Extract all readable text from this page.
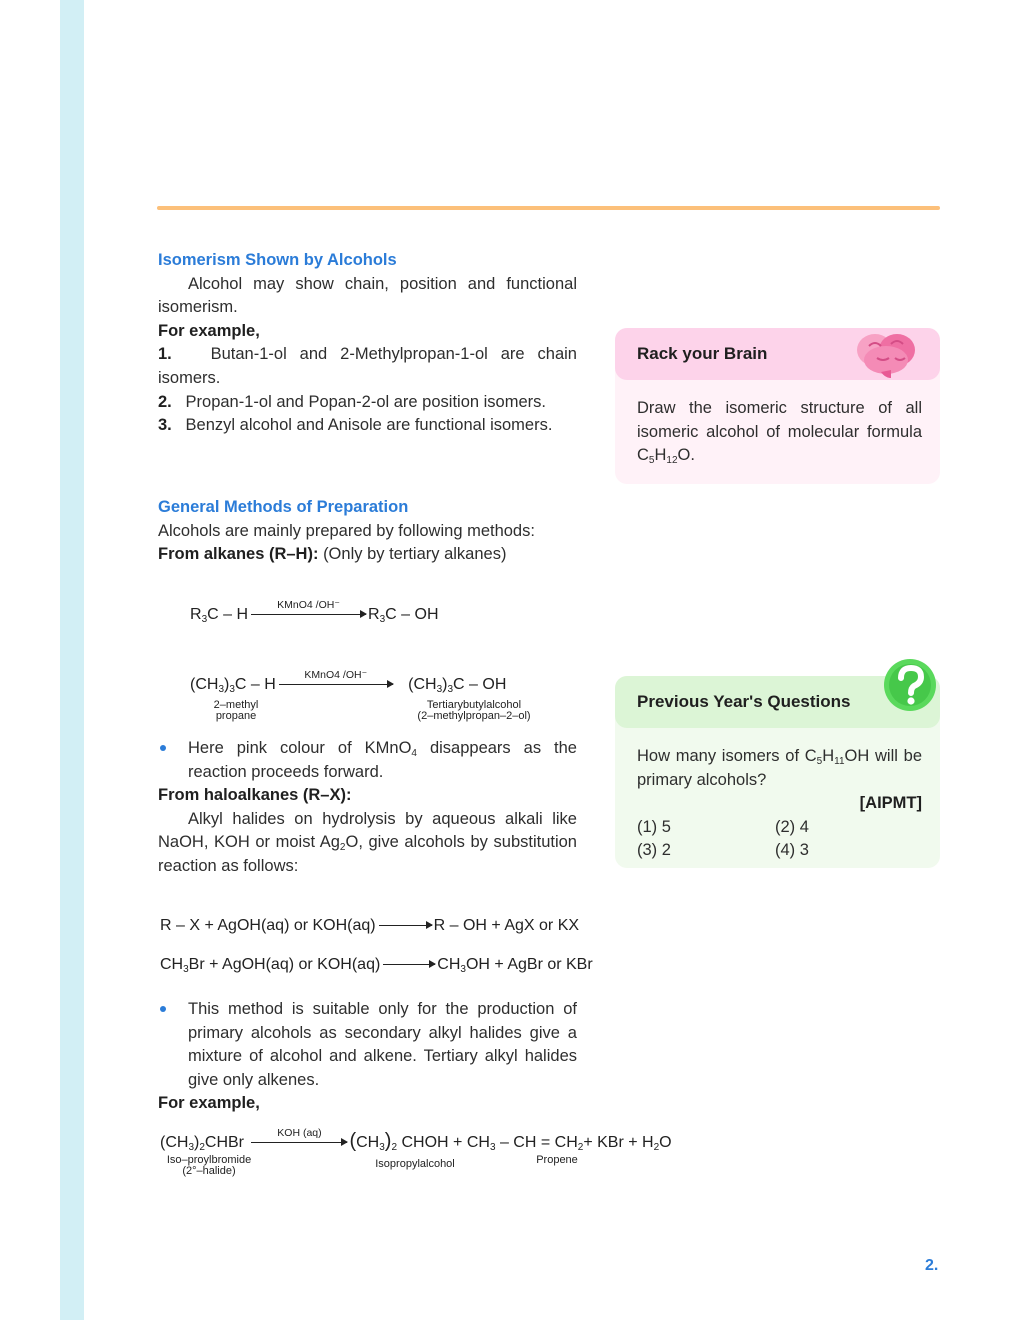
Isomerism Shown by Alcohols

Alcohol may show chain, position and functional isomerism.

For example,

1. Butan-1-ol and 2-Methylpropan-1-ol are chain isomers.

2. Propan-1-ol and Popan-2-ol are position isomers.

3. Benzyl alcohol and Anisole are functional isomers.

General Methods of Preparation

Alcohols are mainly prepared by following methods:

From alkanes (R–H): (Only by tertiary alkanes)

$R_3C$ – H
KMnO4 /OH⁻
$R_3C$ – OH
$(CH_3)_3C$ – H
KMnO4 /OH⁻
$(CH_3)_3C$ – OH
2–methyl
propane
Tertiarybutylalcohol
(2–methylpropan–2–ol)

Here pink colour of KMnO$_4$ disappears as the reaction proceeds forward.

From haloalkanes (R–X):

Alkyl halides on hydrolysis by aqueous alkali like NaOH, KOH or moist $Ag_2O$, give alcohols by substitution reaction as follows:

R – X + AgOH(aq) or KOH(aq)	R – OH + AgX or KX
$CH_3Br$ + AgOH(aq) or KOH(aq)	$CH_3OH$ + AgBr or KBr

This method is suitable only for the production of primary alcohols as secondary alkyl halides give a mixture of alcohol and alkene. Tertiary alkyl halides give only alkenes.

For example,

$(CH_3)_2CHBr$
KOH (aq)	$(CH_3)_2$ CHOH + $CH_3$ – CH = $CH_2+$ KBr + $H_2O$
Iso–proylbromide
(2°–halide)
Isopropylalcohol	Propene
Rack your Brain
Draw the isomeric structure of all isomeric alcohol of molecular formula $C_5H_{12}O$.
Previous Year's Questions
How many isomers of $C_5H_{11}OH$ will be primary alcohols?
[AIPMT]
(1) 5	(2) 4
(3) 2	(4) 3
2.
